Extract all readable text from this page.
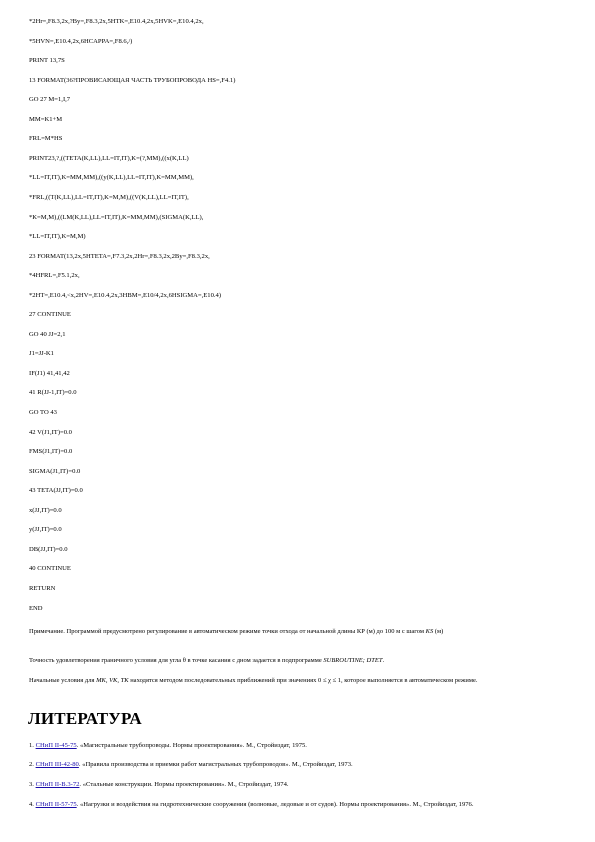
*2Hr=,F8.3,2x,?By=,F8.3,2x,5HTK=,E10.4,2x,5HVK=,E10.4,2x,
*5HVN=,E10.4,2x,6HCAPPA=,F8.6,/)
PRINT 13,7S
13 FORMAT(36?ПРОВИСАЮЩАЯ ЧАСТЬ ТРУБОПРОВОДА HS=,F4.1)
GO 27 M=1,I,7
MM=K1+M
FRL=M*HS
PRINT23,?,((TETA(K,LL),LL=IT,IT),K=(?,MM),((x(K,LL)
*LL=IT,IT),K=MM,MM),((y(K,LL),LL=IT,IT),K=MM,MM),
*FRL,((T(K,LL),LL=IT,IT),K=M,M),((V(K,LL),LL=IT,IT),
*K=M,M),((LM(K,LL),LL=IT,IT),K=MM,MM),(SIGMA(K,LL),
*LL=IT,IT),K=M,M)
23 FORMAT(13,2x,5HTETA=,F7.3,2x,2Hr=,F8.3,2x,2By=,F8.3,2x,
*4HFRL=,F5.1,2x,
*2HT=,E10.4,<x,2HV=,E10.4,2x,3HBM=,E10/4,2x,6HSIGMA=,E10.4)
27 CONTINUE
GO 40 JJ=2,1
J1=JJ-K1
IF(J1) 41,41,42
41 R(JJ-1,IT)=0.0
GO TO 43
42 V(J1,IT)=0.0
FMS(J1,IT)=0.0
SIGMA(J1,IT)=0.0
43 TETA(JJ,IT)=0.0
x(JJ,IT)=0.0
y(JJ,IT)=0.0
DB(JJ,IT)=0.0
40 CONTINUE
RETURN
END
Примечание. Программой предусмотрено регулирование в автоматическом режиме точки отхода от начальной длины КР (м) до 100 м с шагом KS (м)
Точность удовлетворения граничного условия для угла θ в точке касания с дном задается в подпрограмме SUBROUTINE; DTET.
Начальные условия для MK, VK, TK находятся методом последовательных приближений при значениях 0 ≤ χ ≤ 1, которое выполняется в автоматическом режиме.
ЛИТЕРАТУРА
1. СНиП II-45-75. «Магистральные трубопроводы. Нормы проектирования». М., Стройиздат, 1975.
2. СНиП III-42-80. «Правила производства и приемки работ магистральных трубопроводов». М., Стройиздат, 1973.
3. СНиП II-В.3-72. «Стальные конструкции. Нормы проектирования». М., Стройиздат, 1974.
4. СНиП II-57-75. «Нагрузки и воздействия на гидротехнические сооружения (волновые, ледовые и от судов). Нормы проектирования». М., Стройиздат, 1976.
